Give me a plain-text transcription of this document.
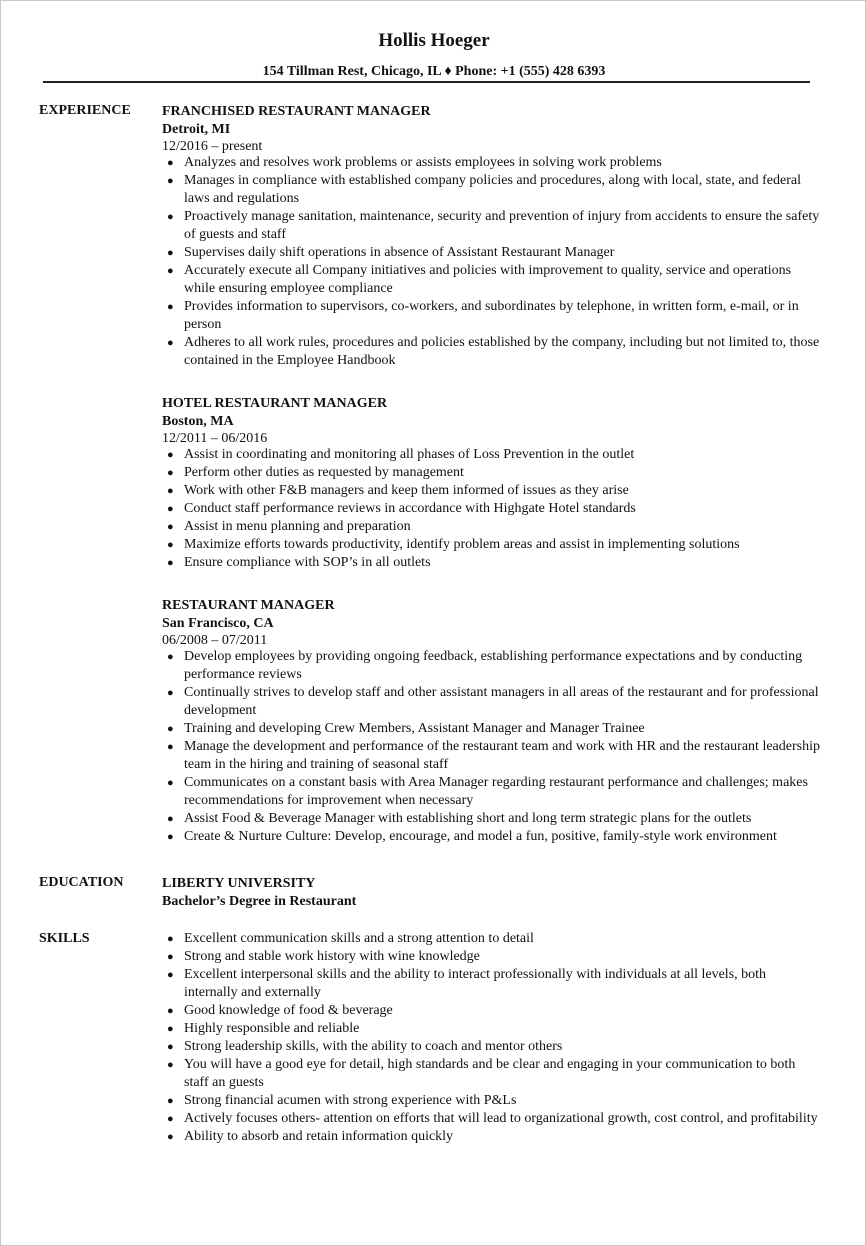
Hollis Hoeger
154 Tillman Rest, Chicago, IL ♦ Phone: +1 (555) 428 6393
EXPERIENCE FRANCHISED RESTAURANT MANAGER
Detroit, MI
12/2016 – present
● Analyzes and resolves work problems or assists employees in solving work problems
● Manages in compliance with established company policies and procedures, along with local, state, and federal laws and regulations
● Proactively manage sanitation, maintenance, security and prevention of injury from accidents to ensure the safety of guests and staff
● Supervises daily shift operations in absence of Assistant Restaurant Manager
● Accurately execute all Company initiatives and policies with improvement to quality, service and operations while ensuring employee compliance
● Provides information to supervisors, co-workers, and subordinates by telephone, in written form, e-mail, or in person
● Adheres to all work rules, procedures and policies established by the company, including but not limited to, those contained in the Employee Handbook
HOTEL RESTAURANT MANAGER
Boston, MA
12/2011 – 06/2016
● Assist in coordinating and monitoring all phases of Loss Prevention in the outlet
● Perform other duties as requested by management
● Work with other F&B managers and keep them informed of issues as they arise
● Conduct staff performance reviews in accordance with Highgate Hotel standards
● Assist in menu planning and preparation
● Maximize efforts towards productivity, identify problem areas and assist in implementing solutions
● Ensure compliance with SOP’s in all outlets
RESTAURANT MANAGER
San Francisco, CA
06/2008 – 07/2011
● Develop employees by providing ongoing feedback, establishing performance expectations and by conducting performance reviews
● Continually strives to develop staff and other assistant managers in all areas of the restaurant and for professional development
● Training and developing Crew Members, Assistant Manager and Manager Trainee
● Manage the development and performance of the restaurant team and work with HR and the restaurant leadership team in the hiring and training of seasonal staff
● Communicates on a constant basis with Area Manager regarding restaurant performance and challenges; makes recommendations for improvement when necessary
● Assist Food & Beverage Manager with establishing short and long term strategic plans for the outlets
● Create & Nurture Culture: Develop, encourage, and model a fun, positive, family-style work environment
EDUCATION	LIBERTY UNIVERSITY
Bachelor’s Degree in Restaurant
SKILLS	● Excellent communication skills and a strong attention to detail
● Strong and stable work history with wine knowledge
● Excellent interpersonal skills and the ability to interact professionally with individuals at all levels, both internally and externally
● Good knowledge of food & beverage
● Highly responsible and reliable
● Strong leadership skills, with the ability to coach and mentor others
● You will have a good eye for detail, high standards and be clear and engaging in your communication to both staff an guests
● Strong financial acumen with strong experience with P&Ls
● Actively focuses others- attention on efforts that will lead to organizational growth, cost control, and profitability
● Ability to absorb and retain information quickly
